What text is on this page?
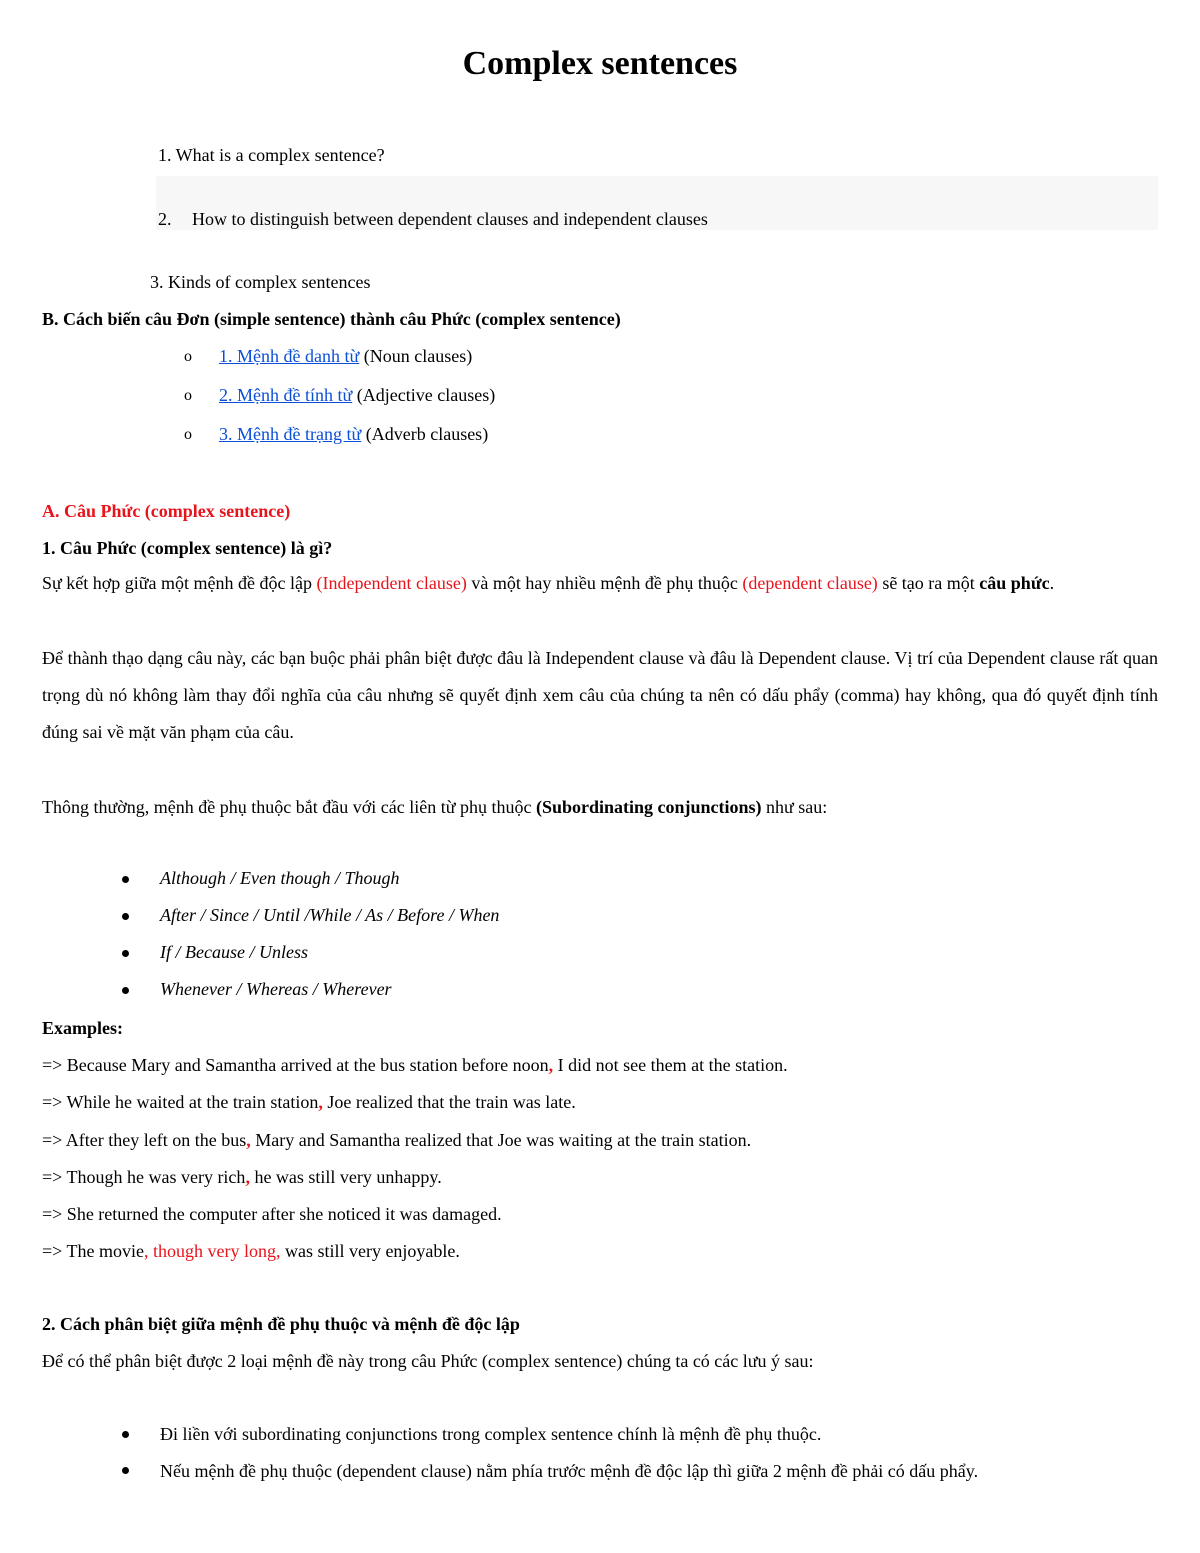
Complex sentences
1. What is a complex sentence?
2. How to distinguish between dependent clauses and independent clauses
3. Kinds of complex sentences
B. Cách biến câu Đơn (simple sentence) thành câu Phức (complex sentence)
o 1. Mệnh đề danh từ (Noun clauses)
o 2. Mệnh đề tính từ (Adjective clauses)
o 3. Mệnh đề trạng từ (Adverb clauses)
A. Câu Phức (complex sentence)
1. Câu Phức (complex sentence) là gì?
Sự kết hợp giữa một mệnh đề độc lập (Independent clause) và một hay nhiều mệnh đề phụ thuộc (dependent clause) sẽ tạo ra một câu phức.
Để thành thạo dạng câu này, các bạn buộc phải phân biệt được đâu là Independent clause và đâu là Dependent clause. Vị trí của Dependent clause rất quan trọng dù nó không làm thay đổi nghĩa của câu nhưng sẽ quyết định xem câu của chúng ta nên có dấu phẩy (comma) hay không, qua đó quyết định tính đúng sai về mặt văn phạm của câu.
Thông thường, mệnh đề phụ thuộc bắt đầu với các liên từ phụ thuộc (Subordinating conjunctions) như sau:
Although / Even though / Though
After / Since / Until /While / As / Before / When
If / Because / Unless
Whenever / Whereas / Wherever
Examples:
=> Because Mary and Samantha arrived at the bus station before noon, I did not see them at the station.
=> While he waited at the train station, Joe realized that the train was late.
=> After they left on the bus, Mary and Samantha realized that Joe was waiting at the train station.
=> Though he was very rich, he was still very unhappy.
=> She returned the computer after she noticed it was damaged.
=> The movie, though very long, was still very enjoyable.
2. Cách phân biệt giữa mệnh đề phụ thuộc và mệnh đề độc lập
Để có thể phân biệt được 2 loại mệnh đề này trong câu Phức (complex sentence) chúng ta có các lưu ý sau:
Đi liền với subordinating conjunctions trong complex sentence chính là mệnh đề phụ thuộc.
Nếu mệnh đề phụ thuộc (dependent clause) nằm phía trước mệnh đề độc lập thì giữa 2 mệnh đề phải có dấu phẩy.
